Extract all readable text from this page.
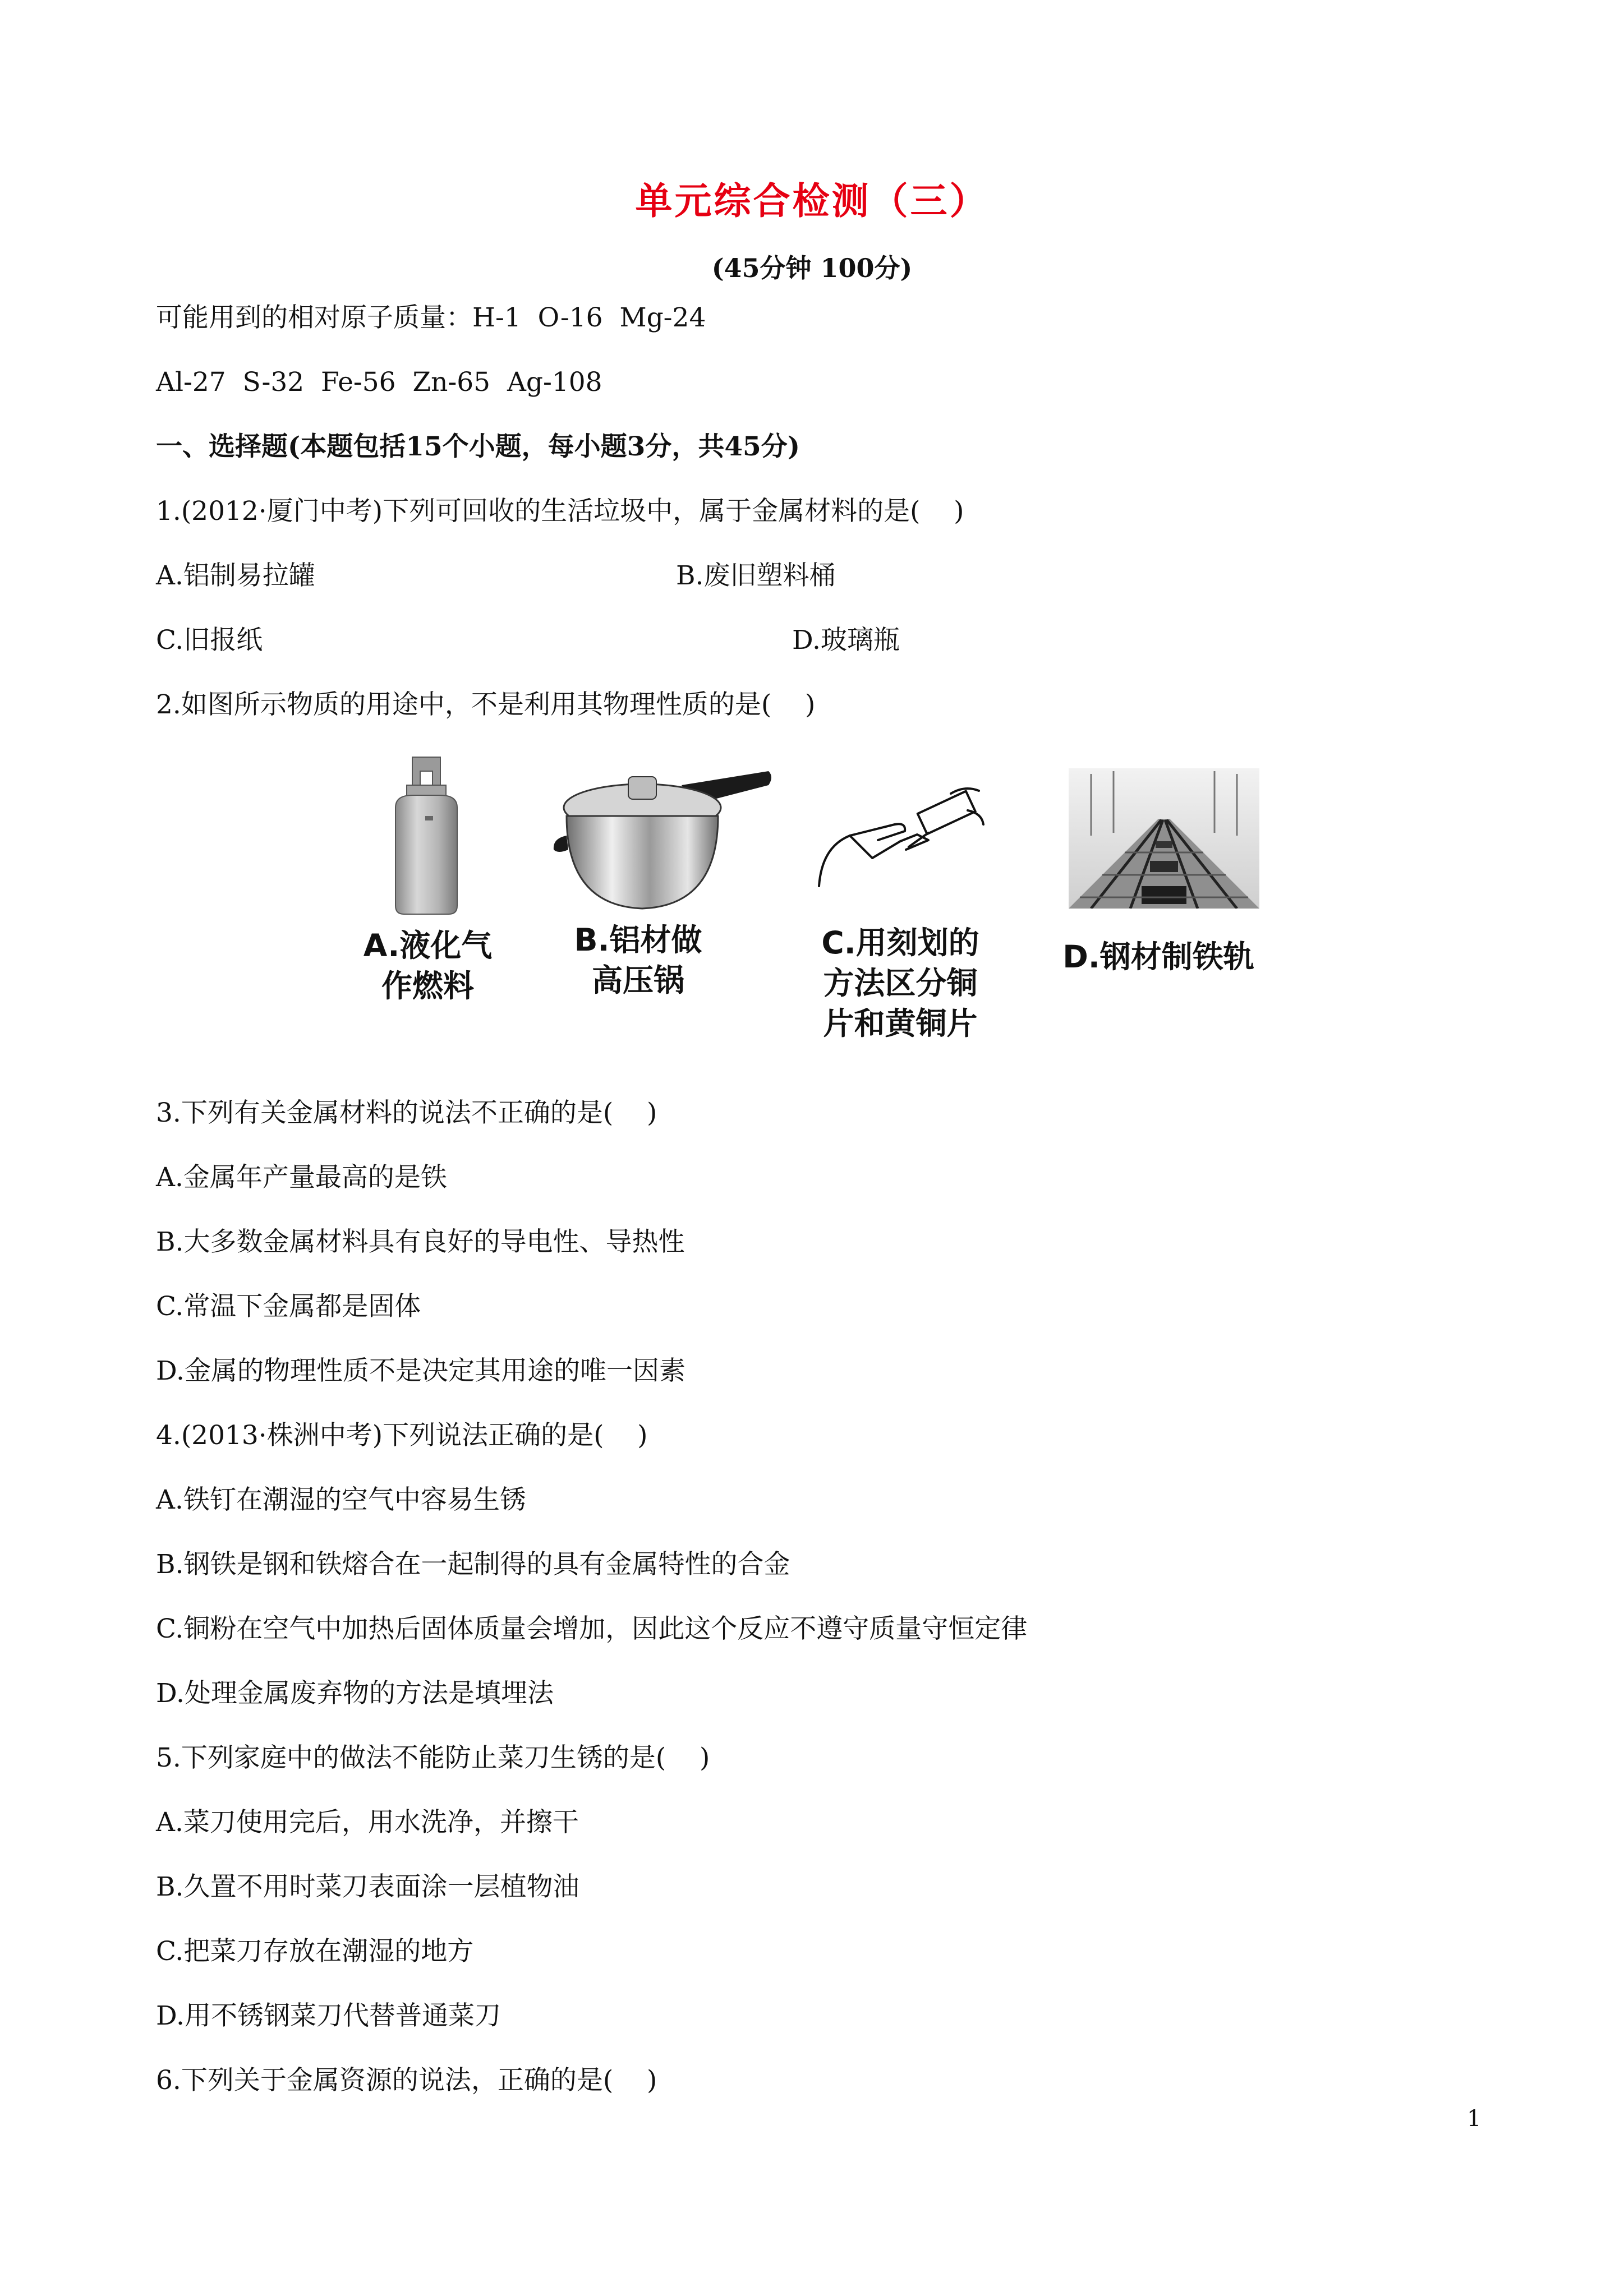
单元综合检测（三）
(45分钟 100分)
可能用到的相对原子质量：H-1  O-16  Mg-24
Al-27  S-32  Fe-56  Zn-65  Ag-108
一、选择题(本题包括15个小题，每小题3分，共45分)
1.(2012·厦门中考)下列可回收的生活垃圾中，属于金属材料的是(    )
A.铝制易拉罐	B.废旧塑料桶
C.旧报纸	D.玻璃瓶
2.如图所示物质的用途中，不是利用其物理性质的是(    )
A.液化气
作燃料
B.铝材做
高压锅
C.用刻划的
方法区分铜
片和黄铜片
D.钢材制铁轨
3.下列有关金属材料的说法不正确的是(    )
A.金属年产量最高的是铁
B.大多数金属材料具有良好的导电性、导热性
C.常温下金属都是固体
D.金属的物理性质不是决定其用途的唯一因素
4.(2013·株洲中考)下列说法正确的是(    )
A.铁钉在潮湿的空气中容易生锈
B.钢铁是钢和铁熔合在一起制得的具有金属特性的合金
C.铜粉在空气中加热后固体质量会增加，因此这个反应不遵守质量守恒定律
D.处理金属废弃物的方法是填埋法
5.下列家庭中的做法不能防止菜刀生锈的是(    )
A.菜刀使用完后，用水洗净，并擦干
B.久置不用时菜刀表面涂一层植物油
C.把菜刀存放在潮湿的地方
D.用不锈钢菜刀代替普通菜刀
6.下列关于金属资源的说法，正确的是(    )
1
